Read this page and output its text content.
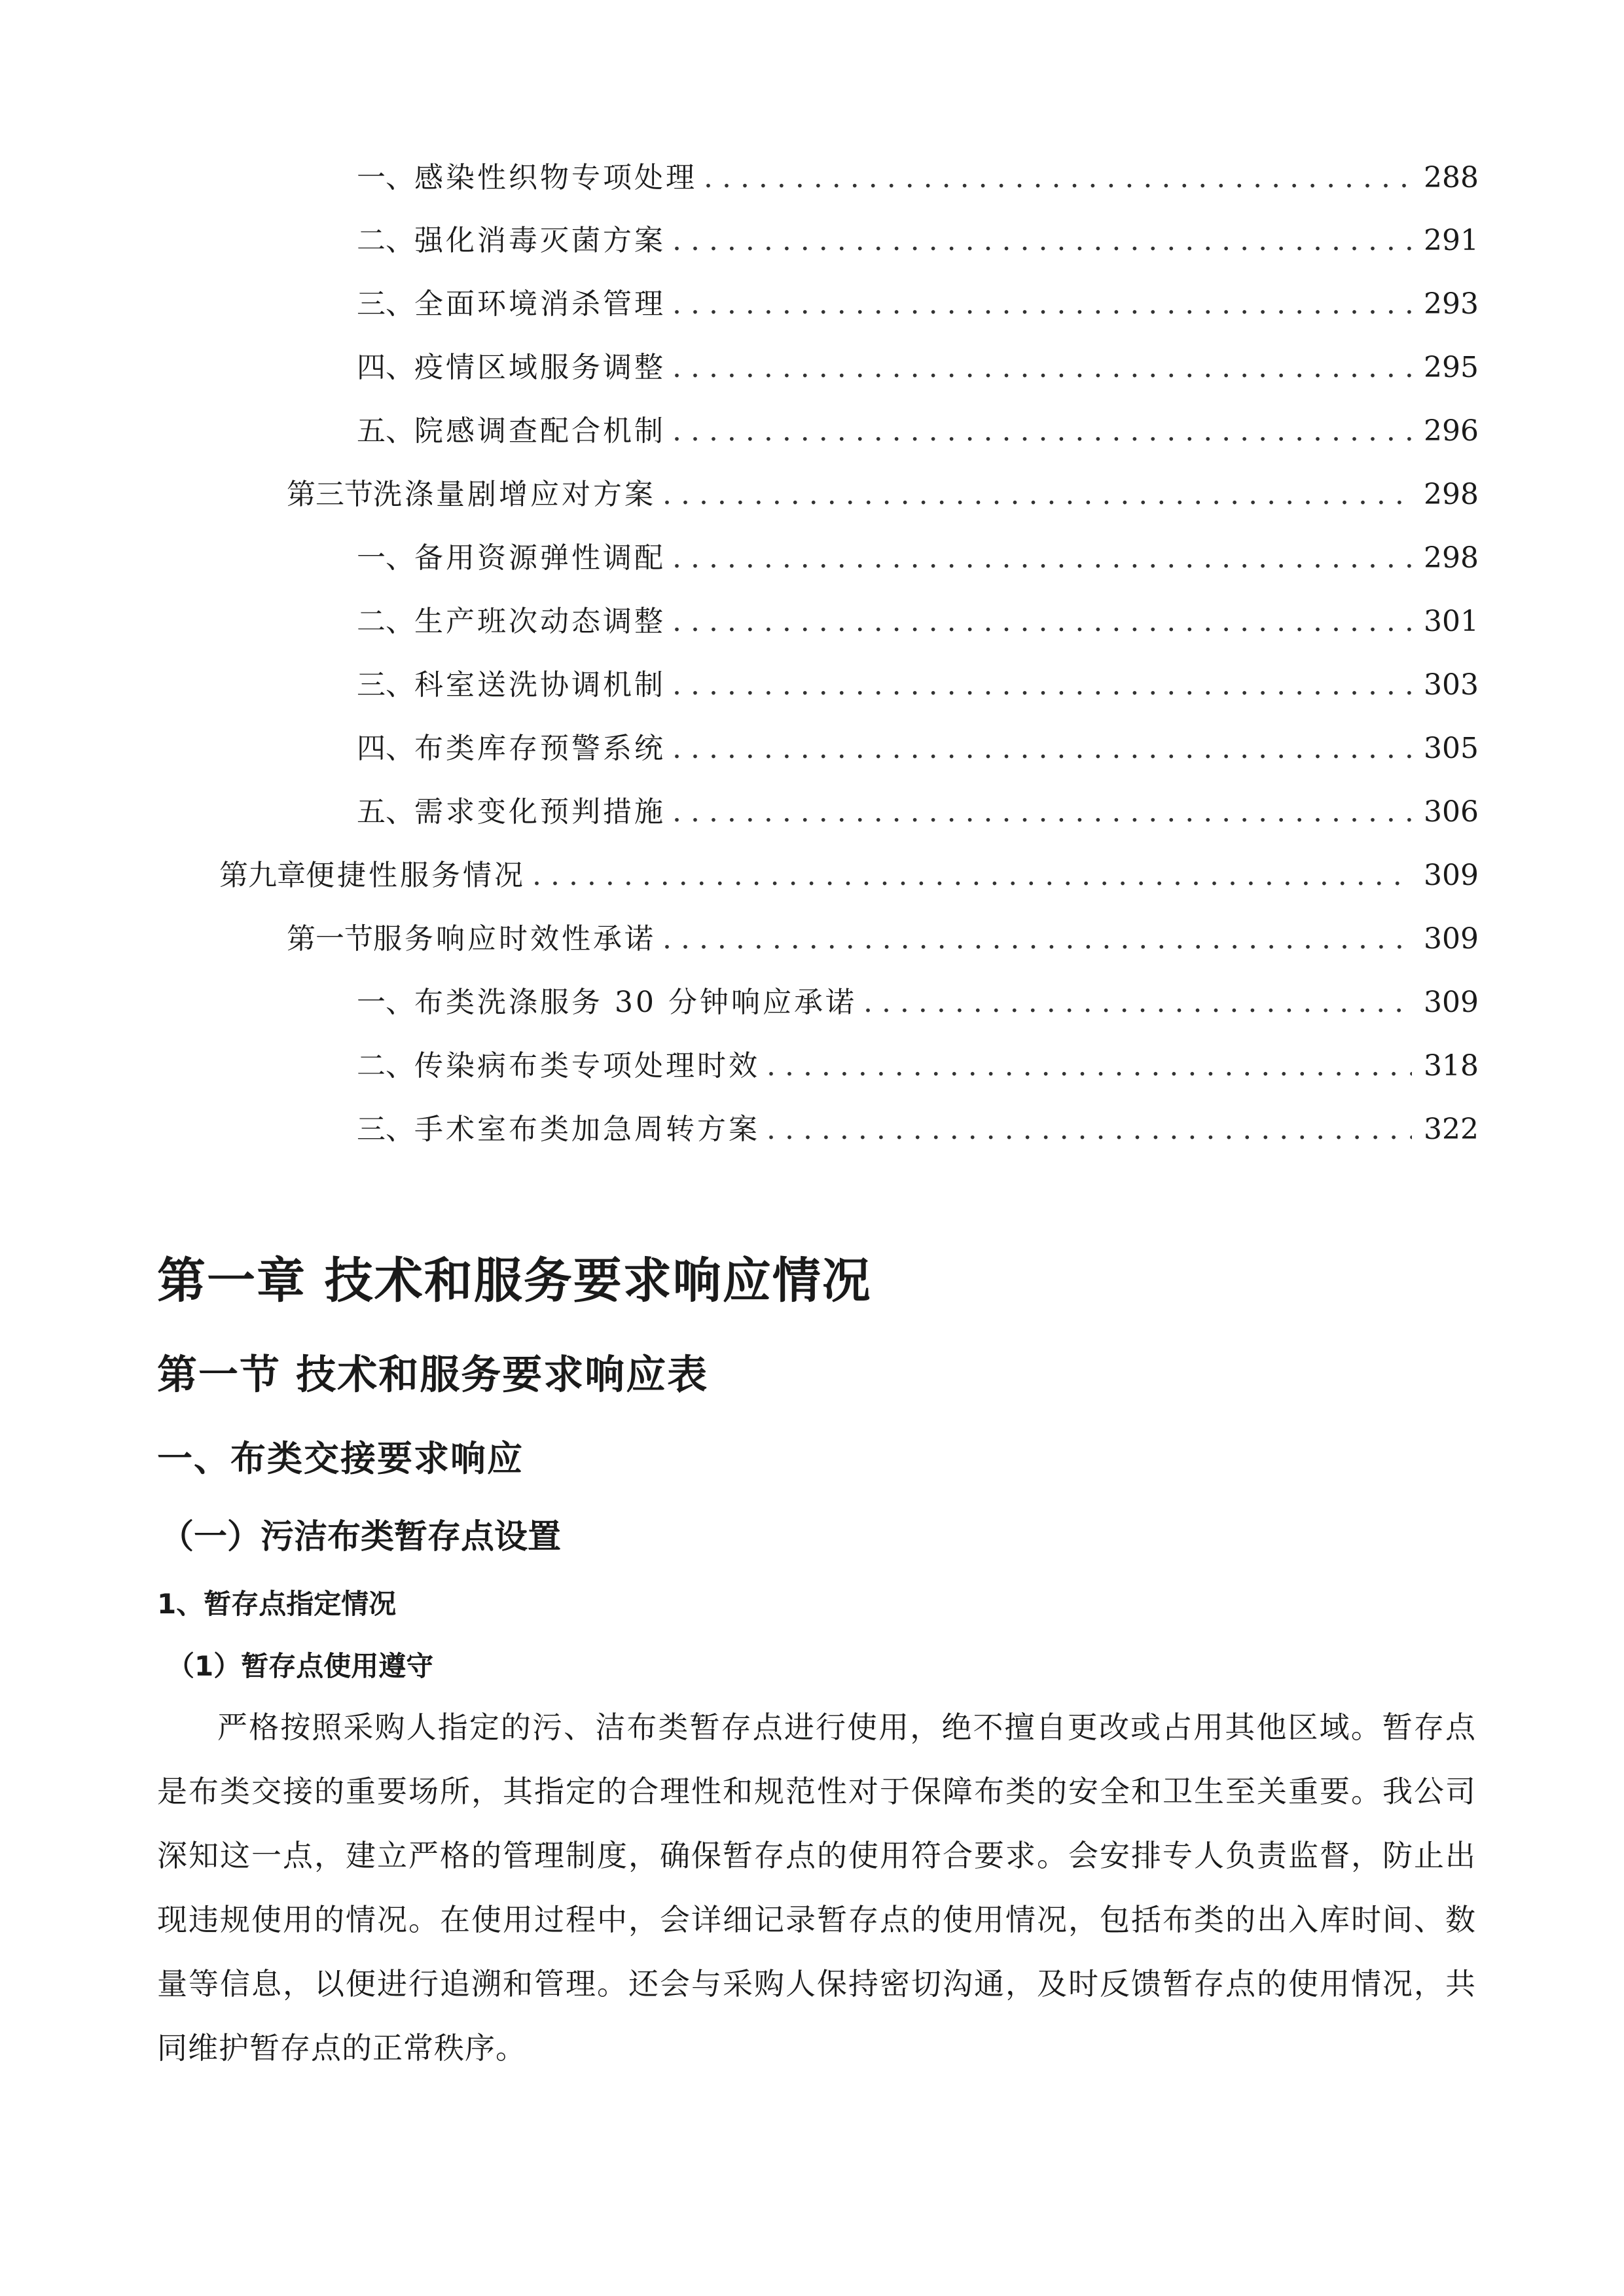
一、 感染性织物专项处理 . . .	288
二、 强化消毒灭菌方案 . . .	291
三、 全面环境消杀管理 . . .	293
四、 疫情区域服务调整 . . .	295
五、 院感调查配合机制 . . .	296
第三节 洗涤量剧增应对方案 . . .	298
一、 备用资源弹性调配 . . .	298
二、 生产班次动态调整 . . .	301
三、 科室送洗协调机制 . . .	303
四、 布类库存预警系统 . . .	305
五、 需求变化预判措施 . . .	306
第九章 便捷性服务情况 . . .	309
第一节 服务响应时效性承诺 . . .	309
一、 布类洗涤服务 30 分钟响应承诺 . . .	309
二、 传染病布类专项处理时效 . . .	318
三、 手术室布类加急周转方案 . . .	322
第一章 技术和服务要求响应情况
第一节 技术和服务要求响应表
一、布类交接要求响应
（一）污洁布类暂存点设置
1、暂存点指定情况
（1）暂存点使用遵守

严格按照采购人指定的污、洁布类暂存点进行使用，绝不擅自更改或占用其他区域。暂存点是布类交接的重要场所，其指定的合理性和规范性对于保障布类的安全和卫生至关重要。我公司深知这一点，建立严格的管理制度，确保暂存点的使用符合要求。会安排专人负责监督，防止出现违规使用的情况。在使用过程中，会详细记录暂存点的使用情况，包括布类的出入库时间、数量等信息，以便进行追溯和管理。还会与采购人保持密切沟通，及时反馈暂存点的使用情况，共同维护暂存点的正常秩序。
